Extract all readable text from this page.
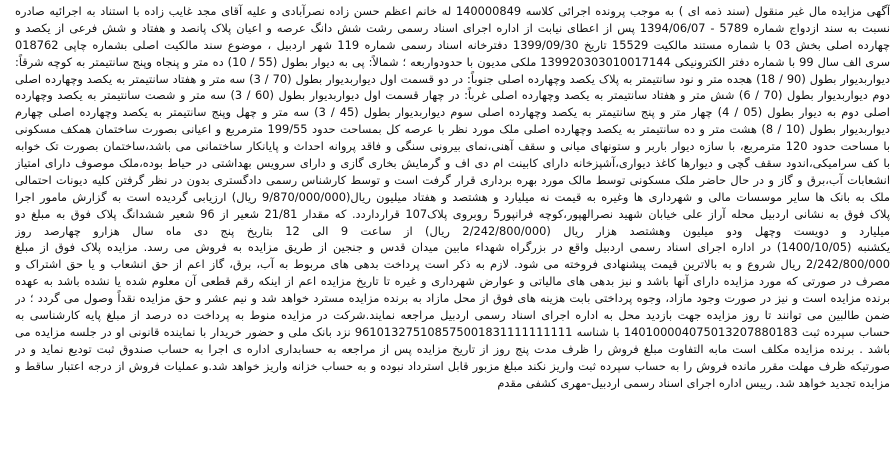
آگهی مزایده مال غیر منقول (سند ذمه ای ) به موجب پرونده اجرائی کلاسه 140000849 له خانم اعظم حسن زاده نصرآبادی و علیه آقای مجد غایب زاده با استناد به اجرائیه صادره
نسبت به سند ازدواج شماره 5789 - 1394/06/07 پس از اعطای نیابت از اداره اجرای اسناد رسمی رشت شش دانگ عرصه و اعیان پلاک پانصد و هفتاد و شش فرعی از یکصد و
چهارده اصلی بخش 03 با شماره مستند مالکیت 15529 تاریخ 1399/09/30 دفترخانه اسناد رسمی شماره 119 شهر اردبیل ، موضوع سند مالکیت اصلی بشماره چاپی 018762
سری الف سال 99 با شماره دفتر الکترونیکی 139920303010017144 ملکی مدیون با حدودواربعه ؛ شمالاً: پی به دیوار بطول (55 / 10) ده متر و پنجاه وپنج سانتیمتر به کوچه شرقاً:
دیواربدیوار بطول (90 / 18) هجده متر و نود سانتیمتر به پلاک یکصد وچهارده اصلی جنوباً: در دو قسمت اول دیواربدیوار بطول (70 / 3) سه متر و هفتاد سانتیمتر به یکصد وچهارده اصلی
دوم دیواربدیوار بطول (70 / 6) شش متر و هفتاد سانتیمتر به یکصد وچهارده اصلی غرباً: در چهار قسمت اول دیواربدیوار بطول (60 / 3) سه متر و شصت سانتیمتر به یکصد وچهارده
اصلی دوم به دیوار بطول (05 / 4) چهار متر و پنج سانتیمتر به یکصد وچهارده اصلی سوم دیواربدیوار بطول (45 / 3) سه متر و چهل وپنج سانتیمتر به یکصد وچهارده اصلی چهارم
دیواربدیوار بطول (10 / 8) هشت متر و ده سانتیمتر به یکصد وچهارده اصلی ملک مورد نظر با عرصه کل بمساحت حدود 199/55 مترمربع و اعیانی بصورت ساختمان همکف مسکونی
با مساحت حدود 120 مترمربع، با سازه دیوار باربر و ستونهای میانی و سقف آهنی،نمای بیرونی سنگی و فاقد پروانه احداث و پایانکار ساختمانی می باشد،ساختمان بصورت تک خوابه
با کف سرامیکی،اندود سقف گچی و دیوارها کاغذ دیواری،آشپزخانه دارای کابینت ام دی اف و گرمایش بخاری گازی و دارای سرویس بهداشتی در حیاط بوده،ملک موصوف دارای امتیاز
انشعابات آب،برق و گاز و در حال حاضر ملک مسکونی توسط مالک مورد بهره برداری قرار گرفت است و توسط کارشناس رسمی دادگستری بدون در نظر گرفتن کلیه دیونات احتمالی
ملک به بانک ها سایر موسسات مالی و شهرداری ها وغیره به قیمت نه میلیارد و هشتصد و هفتاد میلیون ریال(9/870/000/000 ریال) ارزیابی گردیده است به گزارش مامور اجرا
پلاک فوق به نشانی اردبیل محله آراز علی خیابان شهید نصرالهپور،کوچه فرانپور5 روبروی پلاک107 قرارداردد. که مقدار 21/81 شعیر از 96 شعیر ششدانگ پلاک فوق به مبلغ دو
میلیارد و دویست وچهل ودو میلیون وهشتصد هزار ریال (2/242/800/000 ریال) از ساعت 9 الی 12 بتاریخ پنج دی ماه سال هزارو چهارصد روز
یکشنبه (1400/10/05) در اداره اجرای اسناد رسمی اردبیل واقع در بزرگراه شهداء مابین میدان قدس و جنجین از طریق مزایده به فروش می رسد. مزایده پلاک فوق از مبلغ
2/242/800/000 ریال شروع و به بالاترین قیمت پیشنهادی فروخته می شود. لازم به ذکر است پرداخت بدهی های مربوط به آب، برق، گاز اعم از حق انشعاب و یا حق اشتراک و
مصرف در صورتی که مورد مزایده دارای آنها باشد و نیز بدهی های مالیاتی و عوارض شهرداری و غیره تا تاریخ مزایده اعم از اینکه رقم قطعی آن معلوم شده یا نشده باشد به عهده
برنده مزایده است و نیز در صورت وجود مازاد، وجوه پرداختی بابت هزینه های فوق از محل مازاد به برنده مزایده مسترد خواهد شد و نیم عشر و حق مزایده نقداً وصول می گردد ؛ در
ضمن طالبین می توانند تا روز مزایده جهت بازدید محل به اداره اجرای اسناد رسمی اردبیل مراجعه نمایند.شرکت در مزایده منوط به پرداخت ده درصد از مبلغ پایه کارشناسی به
حساب سپرده ثبت 140100004075013207880183 با شناسه 961013275108575001831111111111 نزد بانک ملی و حضور خریدار با نماینده قانونی او در جلسه مزایده می
باشد . برنده مزایده مکلف است مابه التفاوت مبلغ فروش را ظرف مدت پنج روز از تاریخ مزایده پس از مراجعه به حسابداری اداره ی اجرا به حساب صندوق ثبت تودیع نماید و در
صورتیکه ظرف مهلت مقرر مانده فروش را به حساب سپرده ثبت واریز نکند مبلغ مزبور قابل استرداد نبوده و به حساب خزانه واریز خواهد شد.و عملیات فروش از درجه اعتبار ساقط و
مزایده تجدید خواهد شد. رییس اداره اجرای اسناد رسمی اردبیل-مهری کشفی مقدم
